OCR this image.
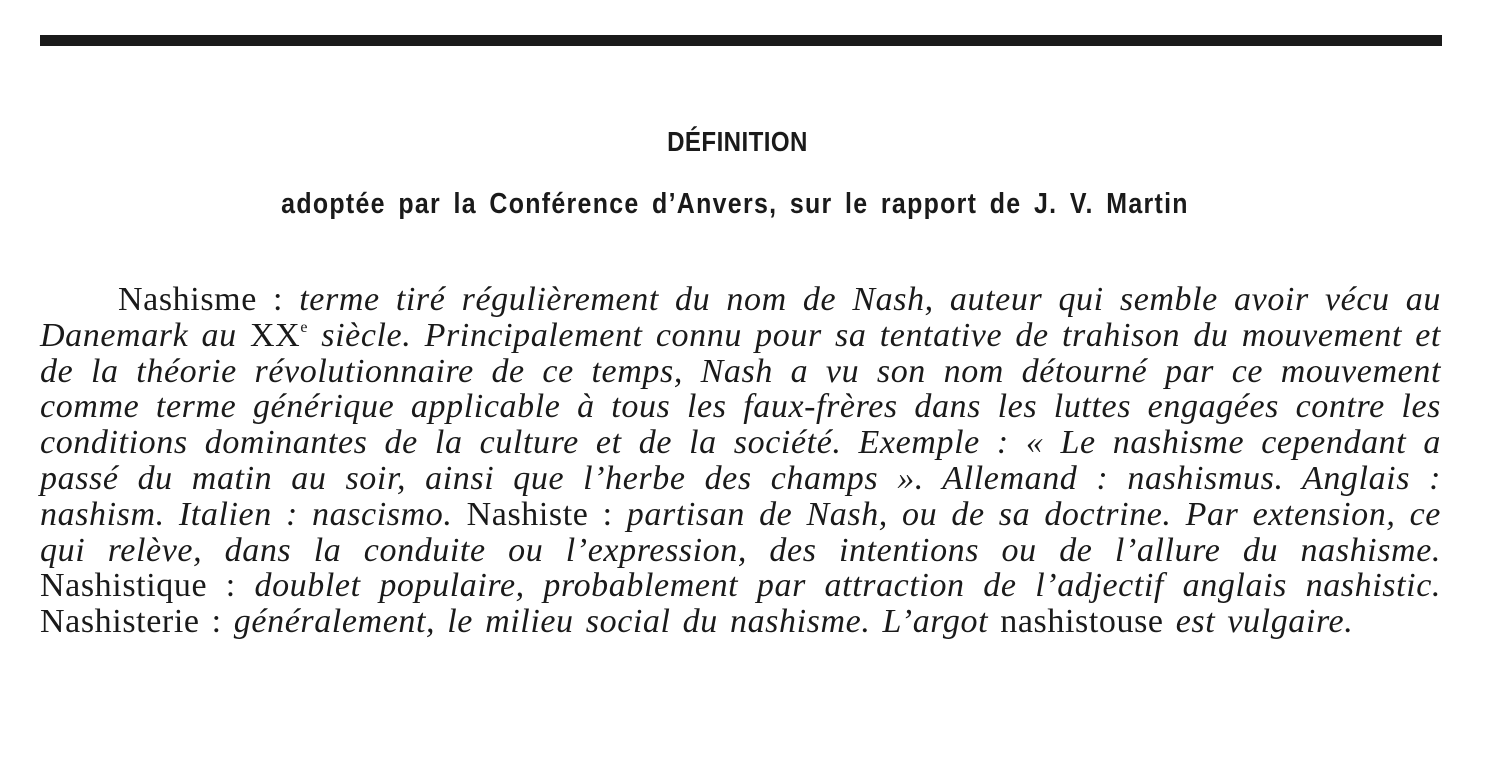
DÉFINITION
adoptée par la Conférence d’Anvers, sur le rapport de J. V. Martin

Nashisme : terme tiré régulièrement du nom de Nash, auteur qui semble avoir vécu au Danemark au XXe siècle. Principalement connu pour sa tentative de trahison du mouvement et de la théorie révolutionnaire de ce temps, Nash a vu son nom détourné par ce mouvement comme terme générique applicable à tous les faux-frères dans les luttes engagées contre les conditions dominantes de la culture et de la société. Exemple : « Le nashisme cependant a passé du matin au soir, ainsi que l’herbe des champs ». Allemand : nashismus. Anglais : nashism. Italien : nascismo. Nashiste : partisan de Nash, ou de sa doctrine. Par extension, ce qui relève, dans la conduite ou l’expression, des intentions ou de l’allure du nashisme. Nashistique : doublet populaire, probablement par attraction de l’adjectif anglais nashistic. Nashisterie : généralement, le milieu social du nashisme. L’argot nashistouse est vulgaire.
